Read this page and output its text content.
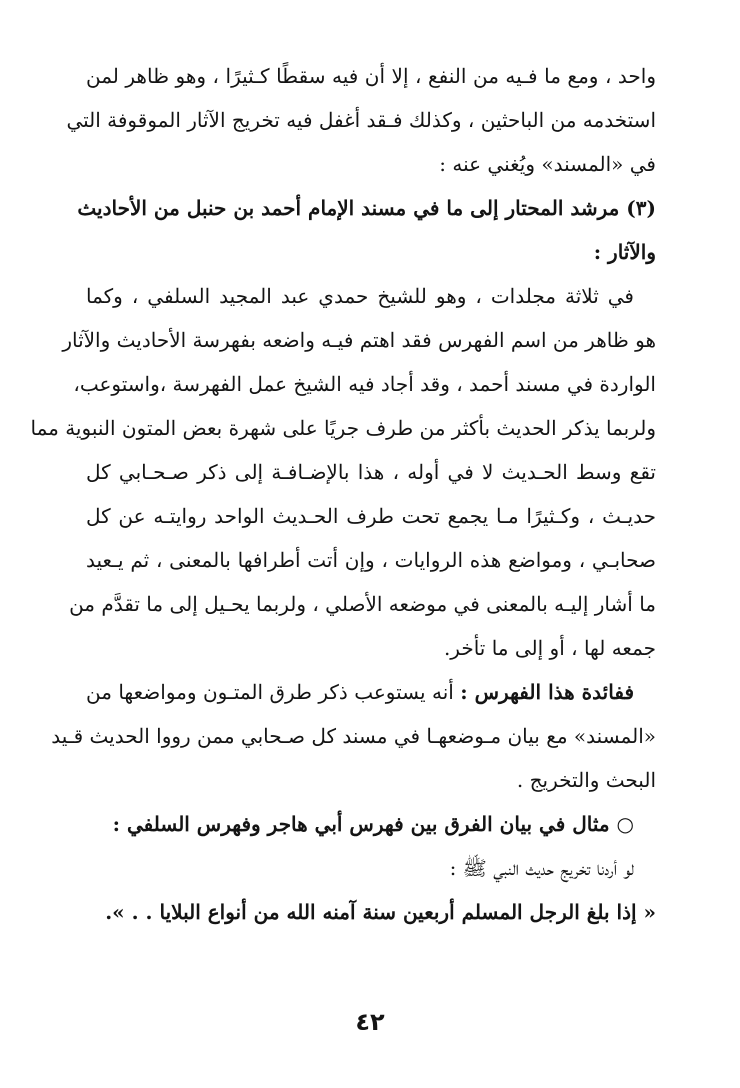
واحد ، ومع ما فـيه من النفع ، إلا أن فيه سقطًا كـثيرًا ، وهو ظاهر لمن
استخدمه من الباحثين ، وكذلك فـقد أغفل فيه تخريج الآثار الموقوفة التي
في «المسند» ويُغني عنه :
(٣) مرشد المحتار إلى ما في مسند الإمام أحمد بن حنبل من الأحاديث
والآثار :
في ثلاثة مجلدات ، وهو للشيخ حمدي عبد المجيد السلفي ، وكما
هو ظاهر من اسم الفهرس فقد اهتم فيـه واضعه بفهرسة الأحاديث والآثار
الواردة في مسند أحمد ، وقد أجاد فيه الشيخ عمل الفهرسة ،واستوعب،
ولربما يذكر الحديث بأكثر من طرف جريًا على شهرة بعض المتون النبوية مما
تقع وسط الحـديث لا في أوله ، هذا بالإضـافـة إلى ذكر صـحـابي كل
حديـث ، وكـثيرًا مـا يجمع تحت طرف الحـديث الواحد روايتـه عن كل
صحابـي ، ومواضع هذه الروايات ، وإن أتت أطرافها بالمعنى ، ثم يـعيد
ما أشار إليـه بالمعنى في موضعه الأصلي ، ولربما يحـيل إلى ما تقدَّم من
جمعه لها ، أو إلى ما تأخر.
ففائدة هذا الفهرس : أنه يستوعب ذكر طرق المتـون ومواضعها من
«المسند» مع بيان مـوضعهـا في مسند كل صـحابي ممن رووا الحديث قـيد
البحث والتخريج .
○ مثال في بيان الفرق بين فهرس أبي هاجر وفهرس السلفي :
لو أردنا تخريج حديث النبي ﷺ :
« إذا بلغ الرجل المسلم أربعين سنة آمنه الله من أنواع البلايا . . ».
٤٢
